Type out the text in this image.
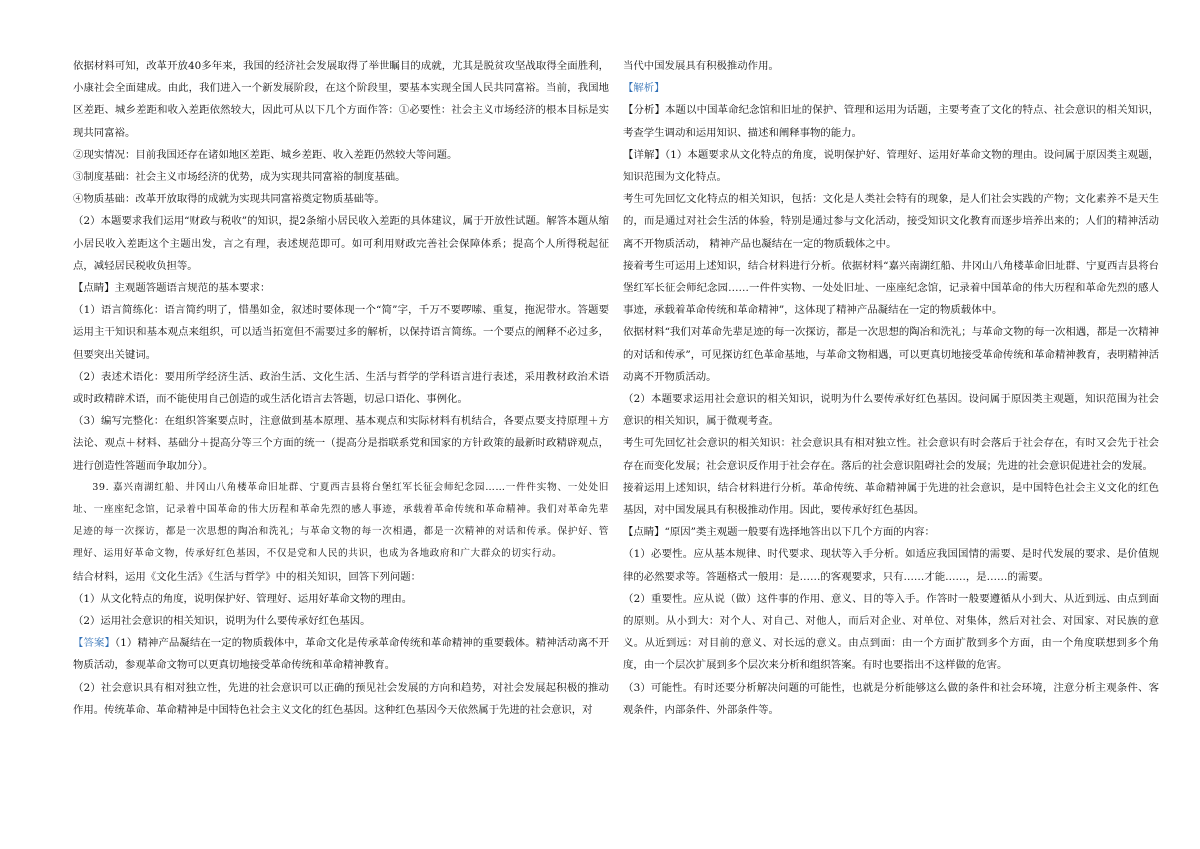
依据材料可知，改革开放40多年来，我国的经济社会发展取得了举世瞩目的成就，尤其是脱贫攻坚战取得全面胜利，小康社会全面建成。由此，我们进入一个新发展阶段，在这个阶段里，要基本实现全国人民共同富裕。当前，我国地区差距、城乡差距和收入差距依然较大，因此可从以下几个方面作答：①必要性：社会主义市场经济的根本目标是实现共同富裕。

②现实情况：目前我国还存在诸如地区差距、城乡差距、收入差距仍然较大等问题。

③制度基础：社会主义市场经济的优势，成为实现共同富裕的制度基础。

④物质基础：改革开放取得的成就为实现共同富裕奠定物质基础等。

（2）本题要求我们运用“财政与税收”的知识，提2条缩小居民收入差距的具体建议，属于开放性试题。解答本题从缩小居民收入差距这个主题出发，言之有理，表述规范即可。如可利用财政完善社会保障体系；提高个人所得税起征点，减轻居民税收负担等。

【点睛】主观题答题语言规范的基本要求：

（1）语言简练化：语言简约明了，惜墨如金，叙述时要体现一个“简”字，千万不要啰嗦、重复，拖泥带水。答题要运用主干知识和基本观点来组织，可以适当拓宽但不需要过多的解析，以保持语言简练。一个要点的阐释不必过多，但要突出关键词。

（2）表述术语化：要用所学经济生活、政治生活、文化生活、生活与哲学的学科语言进行表述，采用教材政治术语或时政精辟术语，而不能使用自己创造的或生活化语言去答题，切忌口语化、事例化。

（3）编写完整化：在组织答案要点时，注意做到基本原理、基本观点和实际材料有机结合，各要点要支持原理＋方法论、观点＋材料、基础分＋提高分等三个方面的统一（提高分是指联系党和国家的方针政策的最新时政精辟观点，进行创造性答题而争取加分）。

39. 嘉兴南湖红船、井冈山八角楼革命旧址群、宁夏西吉县将台堡红军长征会师纪念园……一件件实物、一处处旧址、一座座纪念馆，记录着中国革命的伟大历程和革命先烈的感人事迹，承载着革命传统和革命精神。我们对革命先辈足迹的每一次探访，都是一次思想的陶冶和洗礼；与革命文物的每一次相遇，都是一次精神的对话和传承。保护好、管理好、运用好革命文物，传承好红色基因，不仅是党和人民的共识，也成为各地政府和广大群众的切实行动。

结合材料，运用《文化生活》《生活与哲学》中的相关知识，回答下列问题：

（1）从文化特点的角度，说明保护好、管理好、运用好革命文物的理由。

（2）运用社会意识的相关知识，说明为什么要传承好红色基因。

【答案】（1）精神产品凝结在一定的物质载体中，革命文化是传承革命传统和革命精神的重要载体。精神活动离不开物质活动，参观革命文物可以更真切地接受革命传统和革命精神教育。

（2）社会意识具有相对独立性，先进的社会意识可以正确的预见社会发展的方向和趋势，对社会发展起积极的推动作用。传统革命、革命精神是中国特色社会主义文化的红色基因。这种红色基因今天依然属于先进的社会意识，对

当代中国发展具有积极推动作用。

【解析】

【分析】本题以中国革命纪念馆和旧址的保护、管理和运用为话题，主要考查了文化的特点、社会意识的相关知识，考查学生调动和运用知识、描述和阐释事物的能力。

【详解】（1）本题要求从文化特点的角度，说明保护好、管理好、运用好革命文物的理由。设问属于原因类主观题，知识范围为文化特点。

考生可先回忆文化特点的相关知识，包括：文化是人类社会特有的现象，是人们社会实践的产物；文化素养不是天生的，而是通过对社会生活的体验，特别是通过参与文化活动，接受知识文化教育而逐步培养出来的；人们的精神活动离不开物质活动， 精神产品也凝结在一定的物质载体之中。

接着考生可运用上述知识，结合材料进行分析。依据材料“嘉兴南湖红船、井冈山八角楼革命旧址群、宁夏西吉县将台堡红军长征会师纪念园……一件件实物、一处处旧址、一座座纪念馆，记录着中国革命的伟大历程和革命先烈的感人事迹，承载着革命传统和革命精神”，这体现了精神产品凝结在一定的物质载体中。

依据材料“我们对革命先辈足迹的每一次探访，都是一次思想的陶冶和洗礼；与革命文物的每一次相遇，都是一次精神的对话和传承”，可见探访红色革命基地，与革命文物相遇，可以更真切地接受革命传统和革命精神教育，表明精神活动离不开物质活动。

（2）本题要求运用社会意识的相关知识，说明为什么要传承好红色基因。设问属于原因类主观题，知识范围为社会意识的相关知识，属于微观考查。

考生可先回忆社会意识的相关知识：社会意识具有相对独立性。社会意识有时会落后于社会存在，有时又会先于社会存在而变化发展；社会意识反作用于社会存在。落后的社会意识阻碍社会的发展；先进的社会意识促进社会的发展。

接着运用上述知识，结合材料进行分析。革命传统、革命精神属于先进的社会意识，是中国特色社会主义文化的红色基因，对中国发展具有积极推动作用。因此，要传承好红色基因。

【点睛】“原因”类主观题一般要有选择地答出以下几个方面的内容：

（1）必要性。应从基本规律、时代要求、现状等入手分析。如适应我国国情的需要、是时代发展的要求、是价值规律的必然要求等。答题格式一般用：是……的客观要求，只有……才能……，是……的需要。

（2）重要性。应从说（做）这件事的作用、意义、目的等入手。作答时一般要遵循从小到大、从近到远、由点到面的原则。从小到大：对个人、对自己、对他人，而后对企业、对单位、对集体，然后对社会、对国家、对民族的意义。从近到远：对目前的意义、对长远的意义。由点到面：由一个方面扩散到多个方面，由一个角度联想到多个角度，由一个层次扩展到多个层次来分析和组织答案。有时也要指出不这样做的危害。

（3）可能性。有时还要分析解决问题的可能性，也就是分析能够这么做的条件和社会环境，注意分析主观条件、客观条件，内部条件、外部条件等。
